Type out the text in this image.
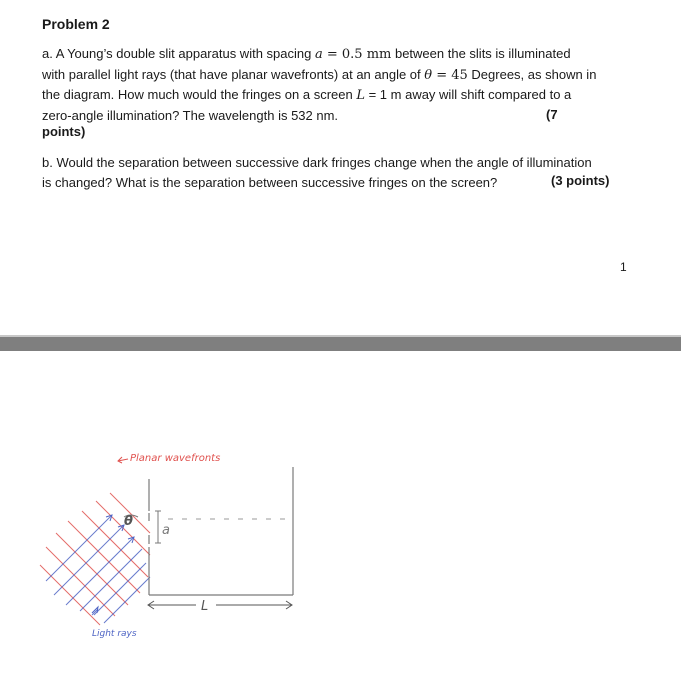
Problem 2
a. A Young’s double slit apparatus with spacing a = 0.5 mm between the slits is illuminated
with parallel light rays (that have planar wavefronts) at an angle of θ = 45 Degrees, as shown in
the diagram. How much would the fringes on a screen L = 1 m away will shift compared to a
zero-angle illumination? The wavelength is 532 nm.	(7
points)
b. Would the separation between successive dark fringes change when the angle of illumination
is changed? What is the separation between successive fringes on the screen?	(3 points)
1
a
θ
L
Planar wavefronts
Light rays
